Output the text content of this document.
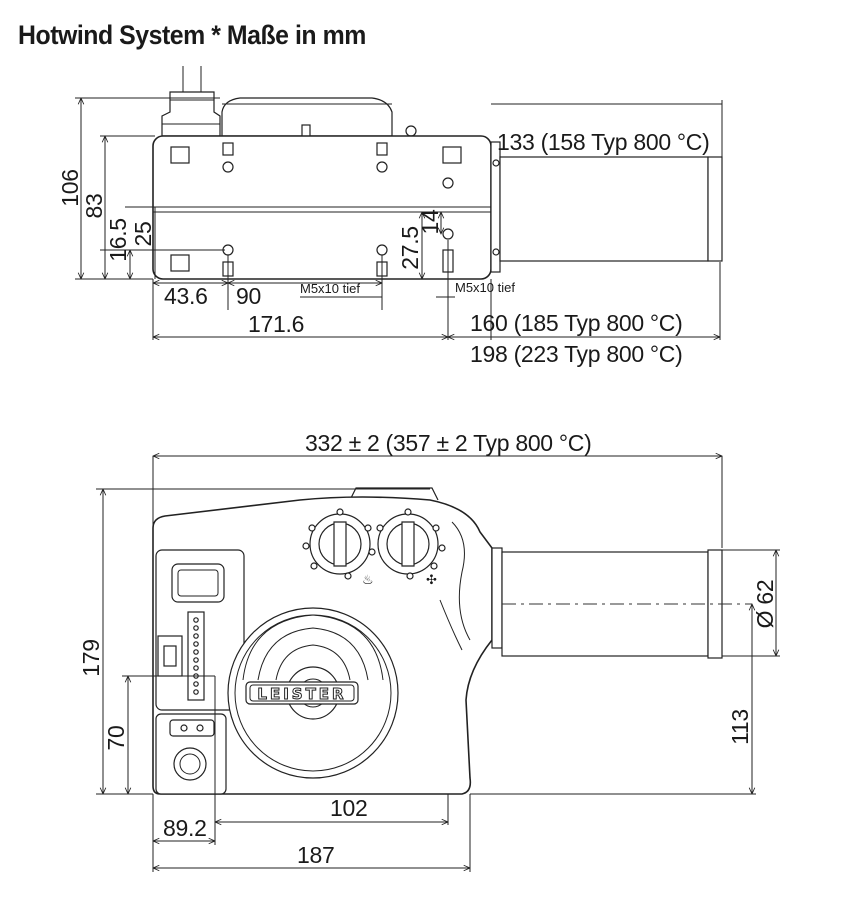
Hotwind System * Maße in mm
106
83
16.5 25	27.5
14
43.6 90	M5x10 tief	M5x10 tief
171.6	160 (185 Typ 800 °C)
198 (223 Typ 800 °C)
133 (158 Typ 800 °C)
332 ± 2 (357 ± 2 Typ 800 °C)
♨	✣
LEISTER
Ø 62
113
179
70
102
89.2
187
